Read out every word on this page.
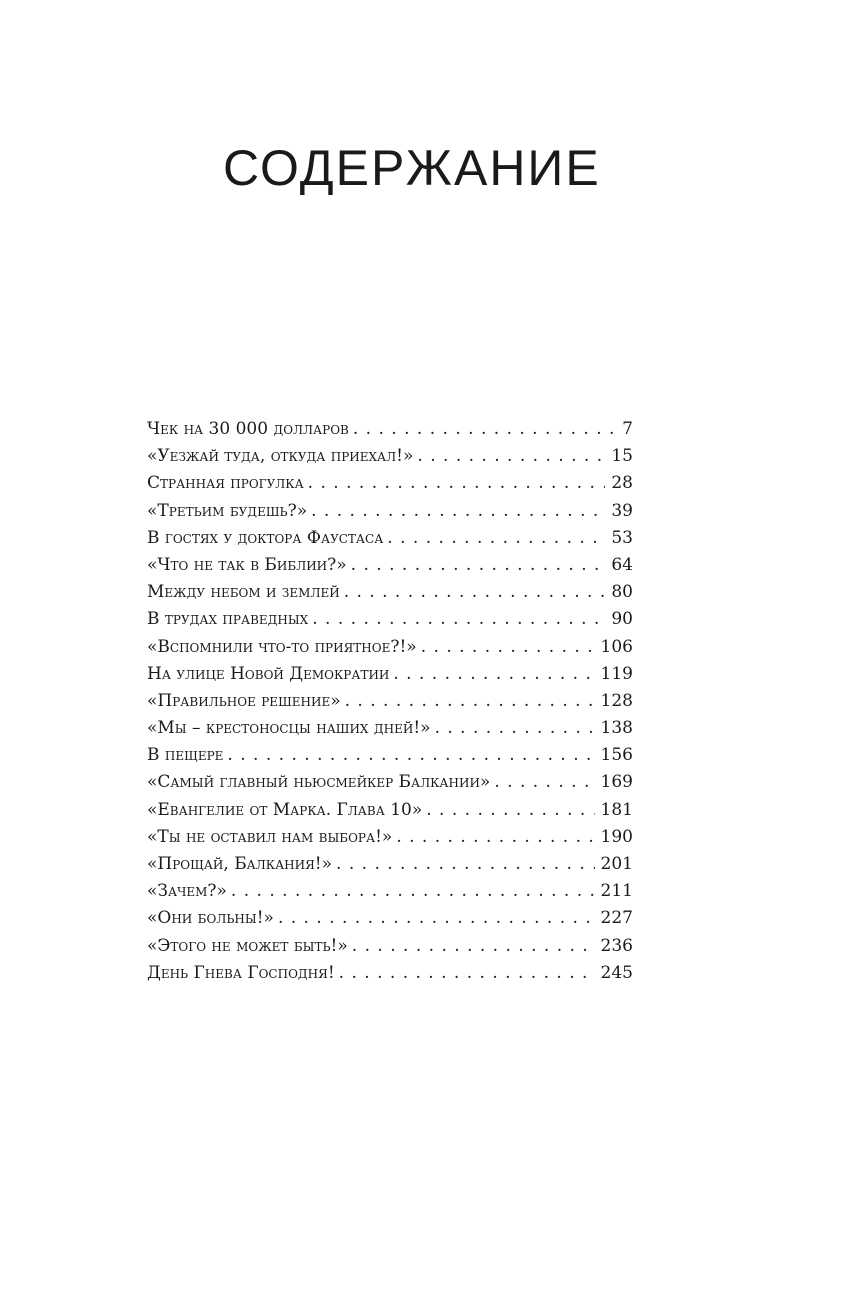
СОДЕРЖАНИЕ
Чек на 30 000 долларов . . .	7
«Уезжай туда, откуда приехал!» . . .	15
Странная прогулка . . .	28
«Третьим будешь?» . . .	39
В гостях у доктора Фаустаса . . .	53
«Что не так в Библии?» . . .	64
Между небом и землей . . .	80
В трудах праведных . . .	90
«Вспомнили что-то приятное?!» . . .	106
На улице Новой Демократии . . .	119
«Правильное решение» . . .	128
«Мы – крестоносцы наших дней!» . . .	138
В пещере . . .	156
«Самый главный ньюсмейкер Балкании» . . .	169
«Евангелие от Марка. Глава 10» . . .	181
«Ты не оставил нам выбора!» . . .	190
«Прощай, Балкания!» . . .	201
«Зачем?» . . .	211
«Они больны!» . . .	227
«Этого не может быть!» . . .	236
День Гнева Господня! . . .	245
